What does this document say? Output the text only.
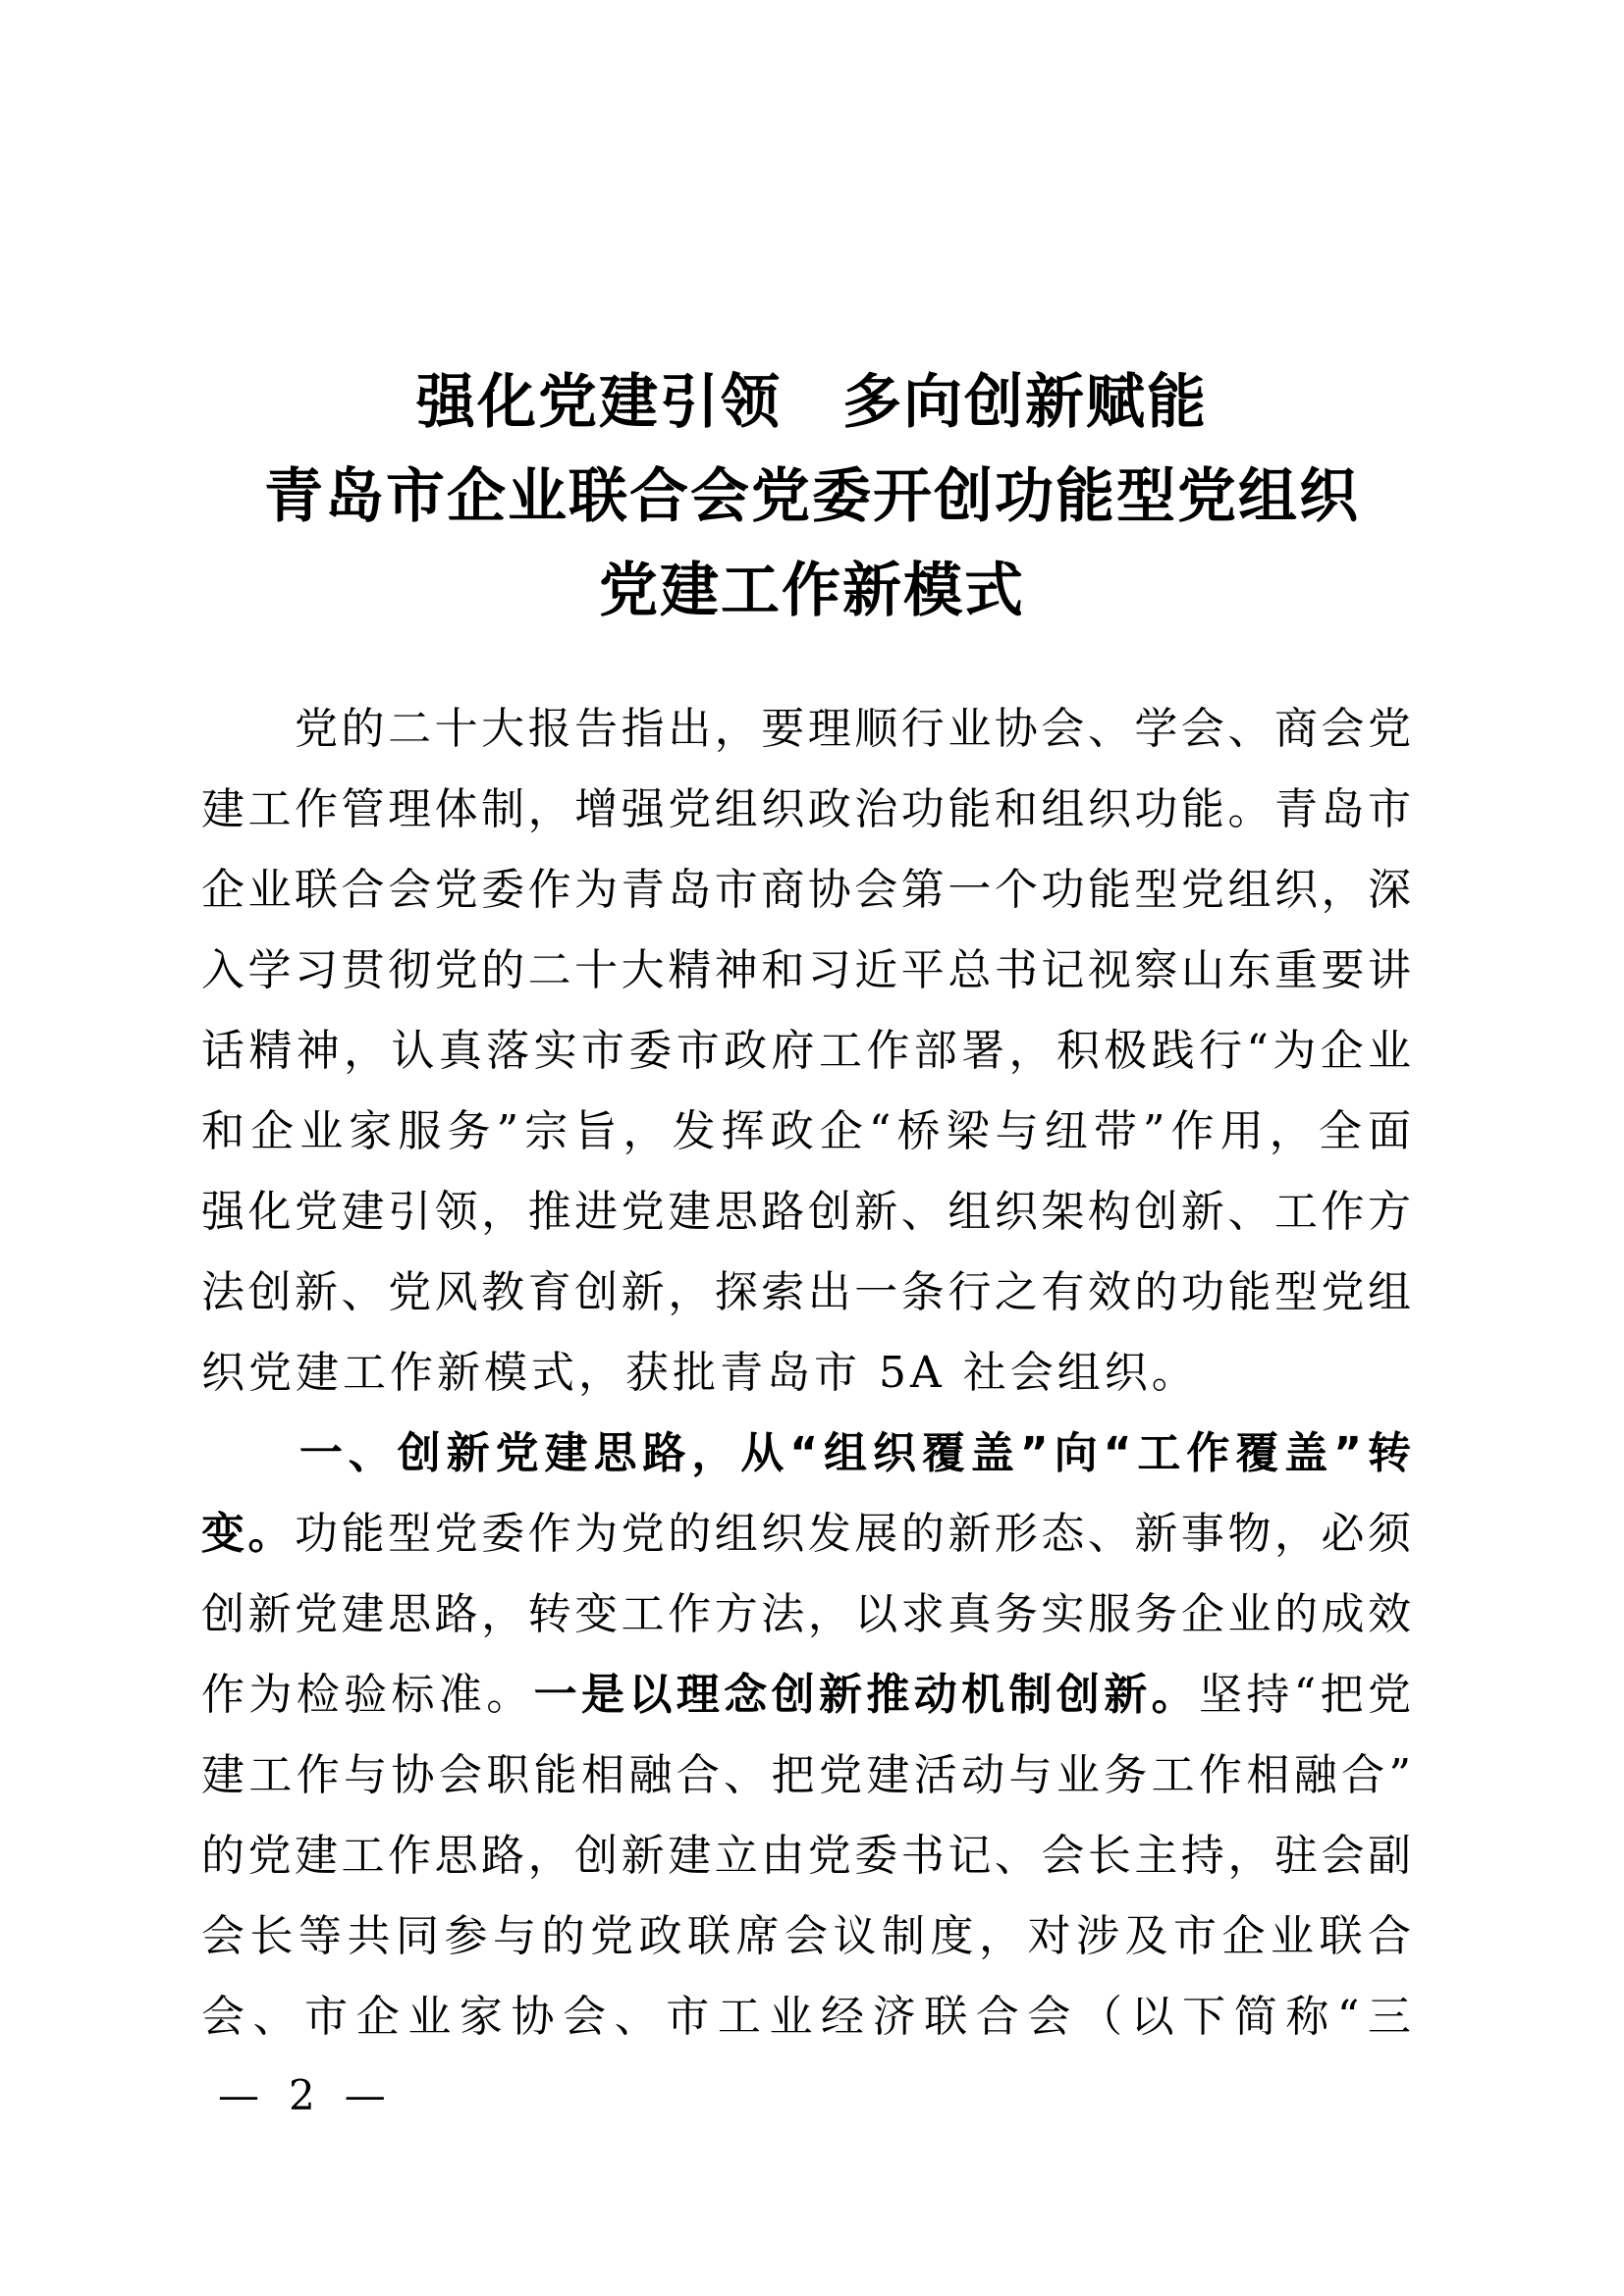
强化党建引领　多向创新赋能
青岛市企业联合会党委开创功能型党组织
党建工作新模式
　　党的二十大报告指出，要理顺行业协会、学会、商会党
建工作管理体制，增强党组织政治功能和组织功能。青岛市
企业联合会党委作为青岛市商协会第一个功能型党组织，深
入学习贯彻党的二十大精神和习近平总书记视察山东重要讲
话精神，认真落实市委市政府工作部署，积极践行“为企业
和企业家服务”宗旨，发挥政企“桥梁与纽带”作用，全面
强化党建引领，推进党建思路创新、组织架构创新、工作方
法创新、党风教育创新，探索出一条行之有效的功能型党组
织党建工作新模式，获批青岛市 5A 社会组织。
　　一、创新党建思路，从“组织覆盖”向“工作覆盖”转
变。功能型党委作为党的组织发展的新形态、新事物，必须
创新党建思路，转变工作方法，以求真务实服务企业的成效
作为检验标准。一是以理念创新推动机制创新。坚持“把党
建工作与协会职能相融合、把党建活动与业务工作相融合”
的党建工作思路，创新建立由党委书记、会长主持，驻会副
会长等共同参与的党政联席会议制度，对涉及市企业联合
会、市企业家协会、市工业经济联合会（以下简称“三
— 2 —
